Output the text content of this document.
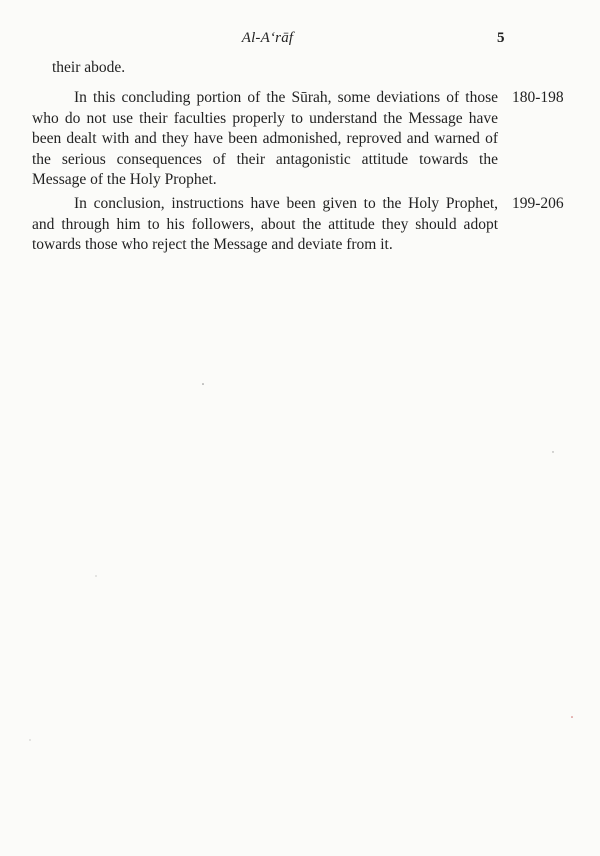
Al-A‘rāf	5
their abode.

In this concluding portion of the Sūrah, some deviations of those who do not use their faculties properly to understand the Message have been dealt with and they have been admonished, reproved and warned of the serious consequences of their antagonistic attitude towards the Message of the Holy Prophet.

180-198

In conclusion, instructions have been given to the Holy Prophet, and through him to his followers, about the attitude they should adopt towards those who reject the Message and deviate from it.

199-206
